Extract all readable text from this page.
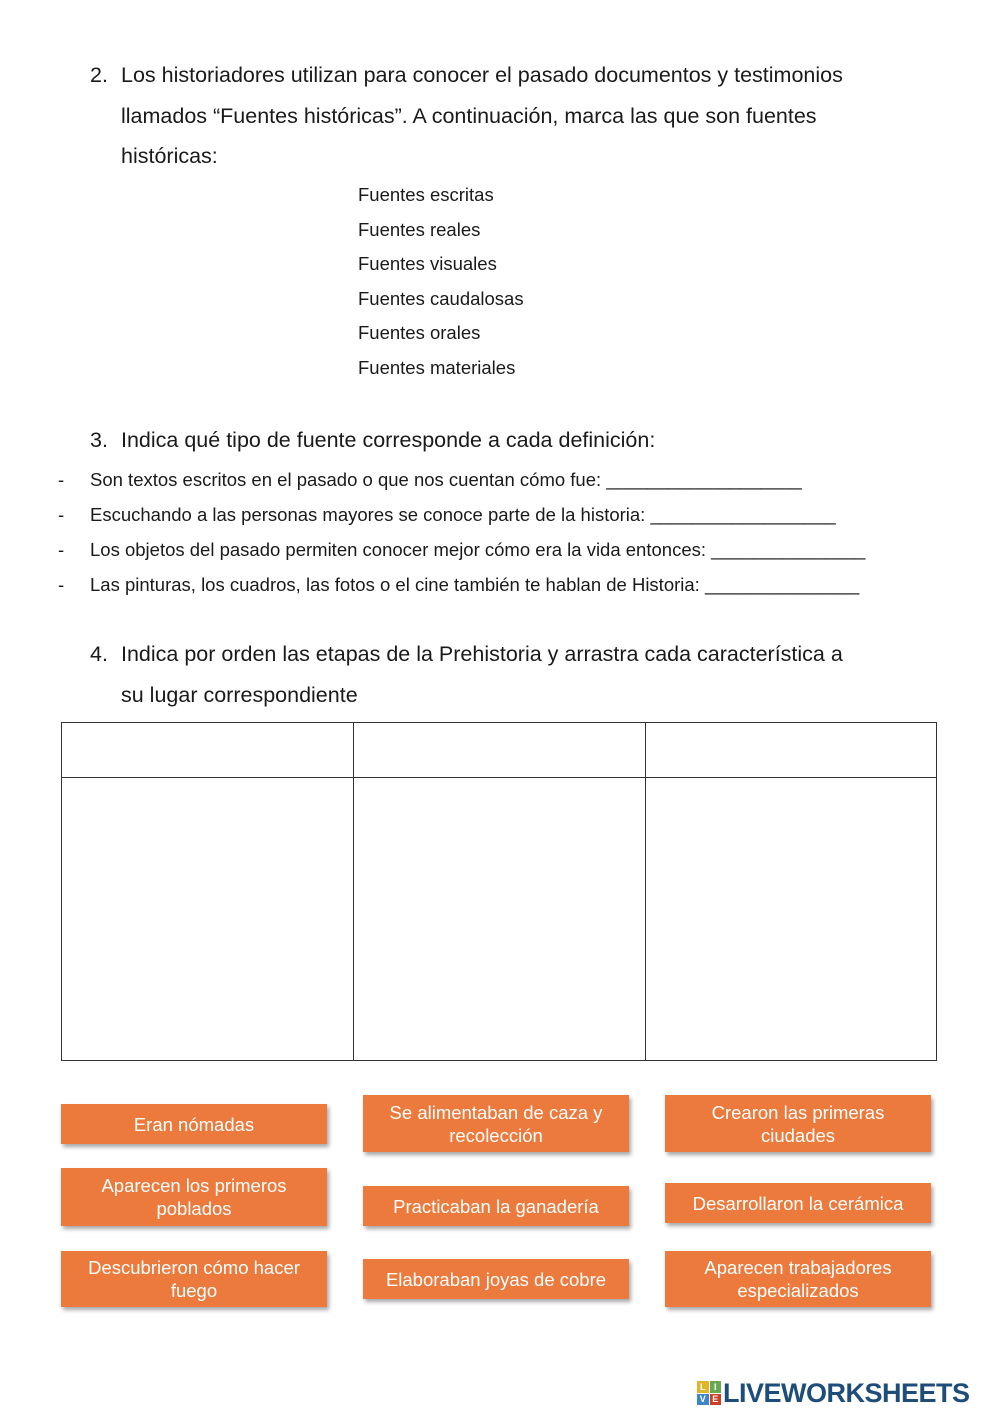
2. Los historiadores utilizan para conocer el pasado documentos y testimonios
llamados “Fuentes históricas”. A continuación, marca las que son fuentes
históricas:
Fuentes escritas
Fuentes reales
Fuentes visuales
Fuentes caudalosas
Fuentes orales
Fuentes materiales
3. Indica qué tipo de fuente corresponde a cada definición:
- Son textos escritos en el pasado o que nos cuentan cómo fue: ___________________
- Escuchando a las personas mayores se conoce parte de la historia: __________________
- Los objetos del pasado permiten conocer mejor cómo era la vida entonces: _______________
- Las pinturas, los cuadros, las fotos o el cine también te hablan de Historia: _______________
4. Indica por orden las etapas de la Prehistoria y arrastra cada característica a
su lugar correspondiente
Eran nómadas
Se alimentaban de caza y recolección
Crearon las primeras ciudades
Aparecen los primeros poblados	Practicaban la ganadería	Desarrollaron la cerámica
Descubrieron cómo hacer fuego
Elaboraban joyas de cobre
Aparecen trabajadores especializados
L I
V E LIVEWORKSHEETS
